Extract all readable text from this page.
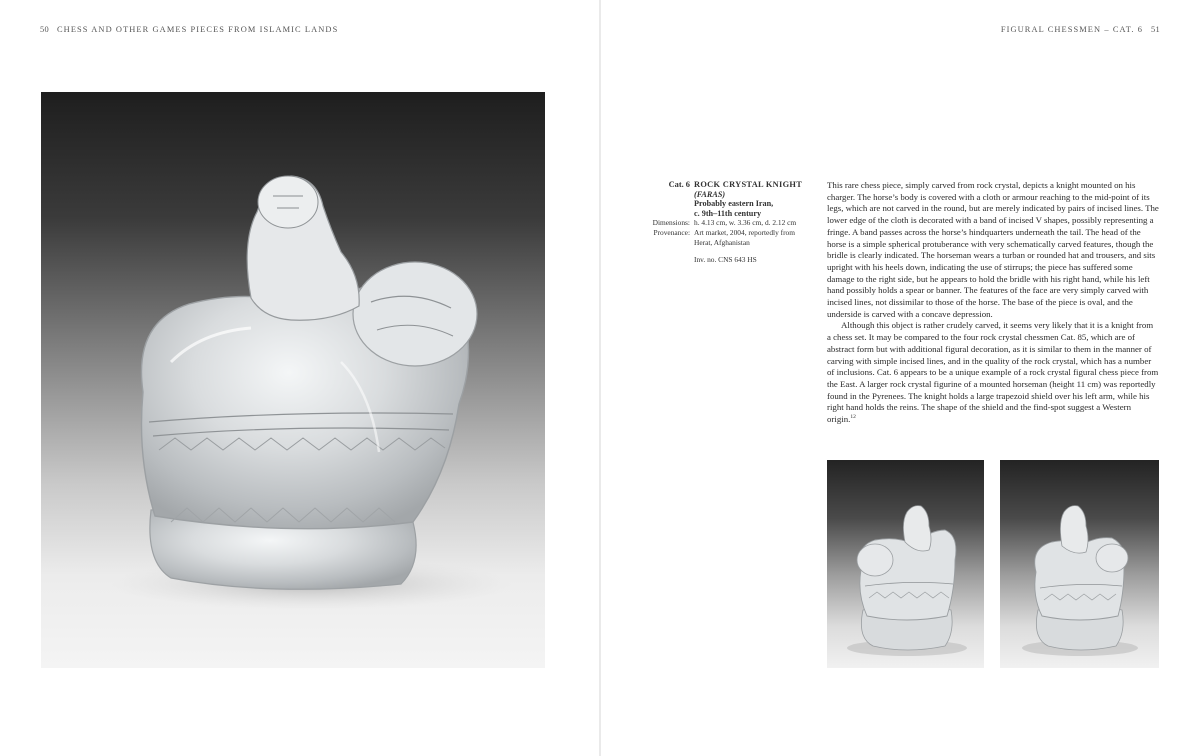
50 CHESS AND OTHER GAMES PIECES FROM ISLAMIC LANDS	FIGURAL CHESSMEN – CAT. 6 51
Cat. 6 ROCK CRYSTAL KNIGHT
(FARAS)
Probably eastern Iran,
c. 9th–11th century
Dimensions: h. 4.13 cm, w. 3.36 cm, d. 2.12 cm
Provenance: Art market, 2004, reportedly from Herat, Afghanistan
Inv. no. CNS 643 HS

This rare chess piece, simply carved from rock crystal, depicts a knight mounted on his charger. The horse’s body is covered with a cloth or armour reaching to the mid-point of its legs, which are not carved in the round, but are merely indicated by pairs of incised lines. The lower edge of the cloth is decorated with a band of incised V shapes, possibly representing a fringe. A band passes across the horse’s hindquarters underneath the tail. The head of the horse is a simple spherical protuberance with very schematically carved features, though the bridle is clearly indicated. The horseman wears a turban or rounded hat and trousers, and sits upright with his heels down, indicating the use of stirrups; the piece has suffered some damage to the right side, but he appears to hold the bridle with his right hand, while his left hand possibly holds a spear or banner. The features of the face are very simply carved with incised lines, not dissimilar to those of the horse. The base of the piece is oval, and the underside is carved with a concave depression.

Although this object is rather crudely carved, it seems very likely that it is a knight from a chess set. It may be compared to the four rock crystal chessmen Cat. 85, which are of abstract form but with additional figural decoration, as it is similar to them in the manner of carving with simple incised lines, and in the quality of the rock crystal, which has a number of inclusions. Cat. 6 appears to be a unique example of a rock crystal figural chess piece from the East. A larger rock crystal figurine of a mounted horseman (height 11 cm) was reportedly found in the Pyrenees. The knight holds a large trapezoid shield over his left arm, while his right hand holds the reins. The shape of the shield and the find-spot suggest a Western origin.$^{12}$
